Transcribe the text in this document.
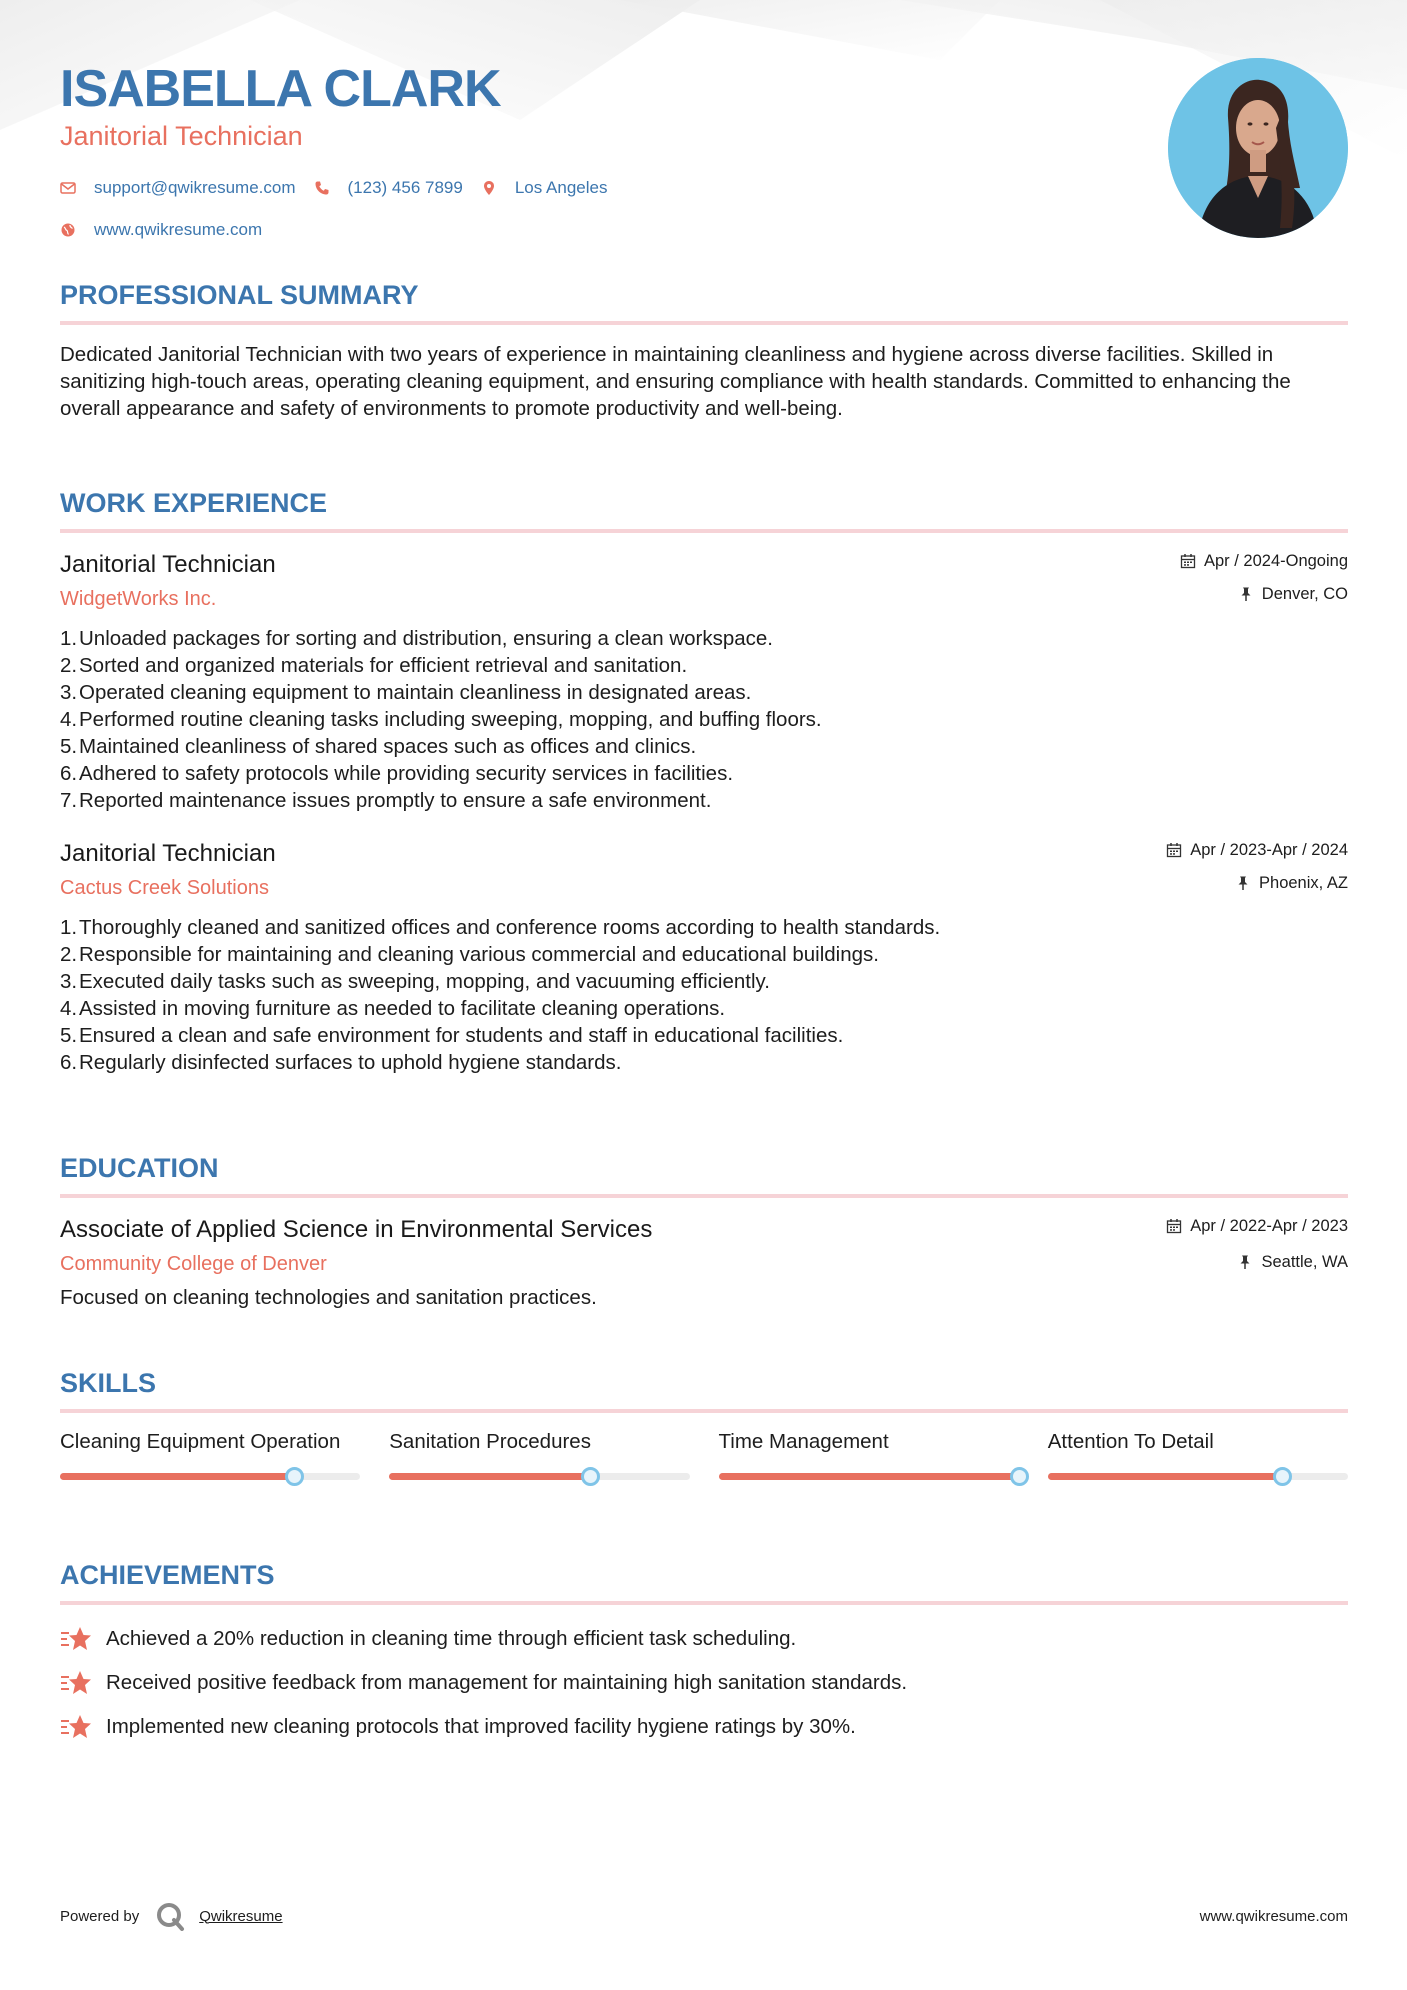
ISABELLA CLARK
Janitorial Technician
support@qwikresume.com	(123) 456 7899	Los Angeles
www.qwikresume.com
PROFESSIONAL SUMMARY
Dedicated Janitorial Technician with two years of experience in maintaining cleanliness and hygiene across diverse facilities. Skilled in sanitizing high-touch areas, operating cleaning equipment, and ensuring compliance with health standards. Committed to enhancing the overall appearance and safety of environments to promote productivity and well-being.
WORK EXPERIENCE
Janitorial Technician
WidgetWorks Inc.
Apr / 2024-Ongoing
Denver, CO
1. Unloaded packages for sorting and distribution, ensuring a clean workspace.
2. Sorted and organized materials for efficient retrieval and sanitation.
3. Operated cleaning equipment to maintain cleanliness in designated areas.
4. Performed routine cleaning tasks including sweeping, mopping, and buffing floors.
5. Maintained cleanliness of shared spaces such as offices and clinics.
6. Adhered to safety protocols while providing security services in facilities.
7. Reported maintenance issues promptly to ensure a safe environment.
Janitorial Technician
Cactus Creek Solutions
Apr / 2023-Apr / 2024
Phoenix, AZ
1. Thoroughly cleaned and sanitized offices and conference rooms according to health standards.
2. Responsible for maintaining and cleaning various commercial and educational buildings.
3. Executed daily tasks such as sweeping, mopping, and vacuuming efficiently.
4. Assisted in moving furniture as needed to facilitate cleaning operations.
5. Ensured a clean and safe environment for students and staff in educational facilities.
6. Regularly disinfected surfaces to uphold hygiene standards.
EDUCATION
Associate of Applied Science in Environmental Services
Community College of Denver
Apr / 2022-Apr / 2023
Seattle, WA
Focused on cleaning technologies and sanitation practices.
SKILLS
Cleaning Equipment Operation	Sanitation Procedures	Time Management	Attention To Detail
ACHIEVEMENTS
Achieved a 20% reduction in cleaning time through efficient task scheduling.
Received positive feedback from management for maintaining high sanitation standards.
Implemented new cleaning protocols that improved facility hygiene ratings by 30%.
Powered by	Qwikresume	www.qwikresume.com
